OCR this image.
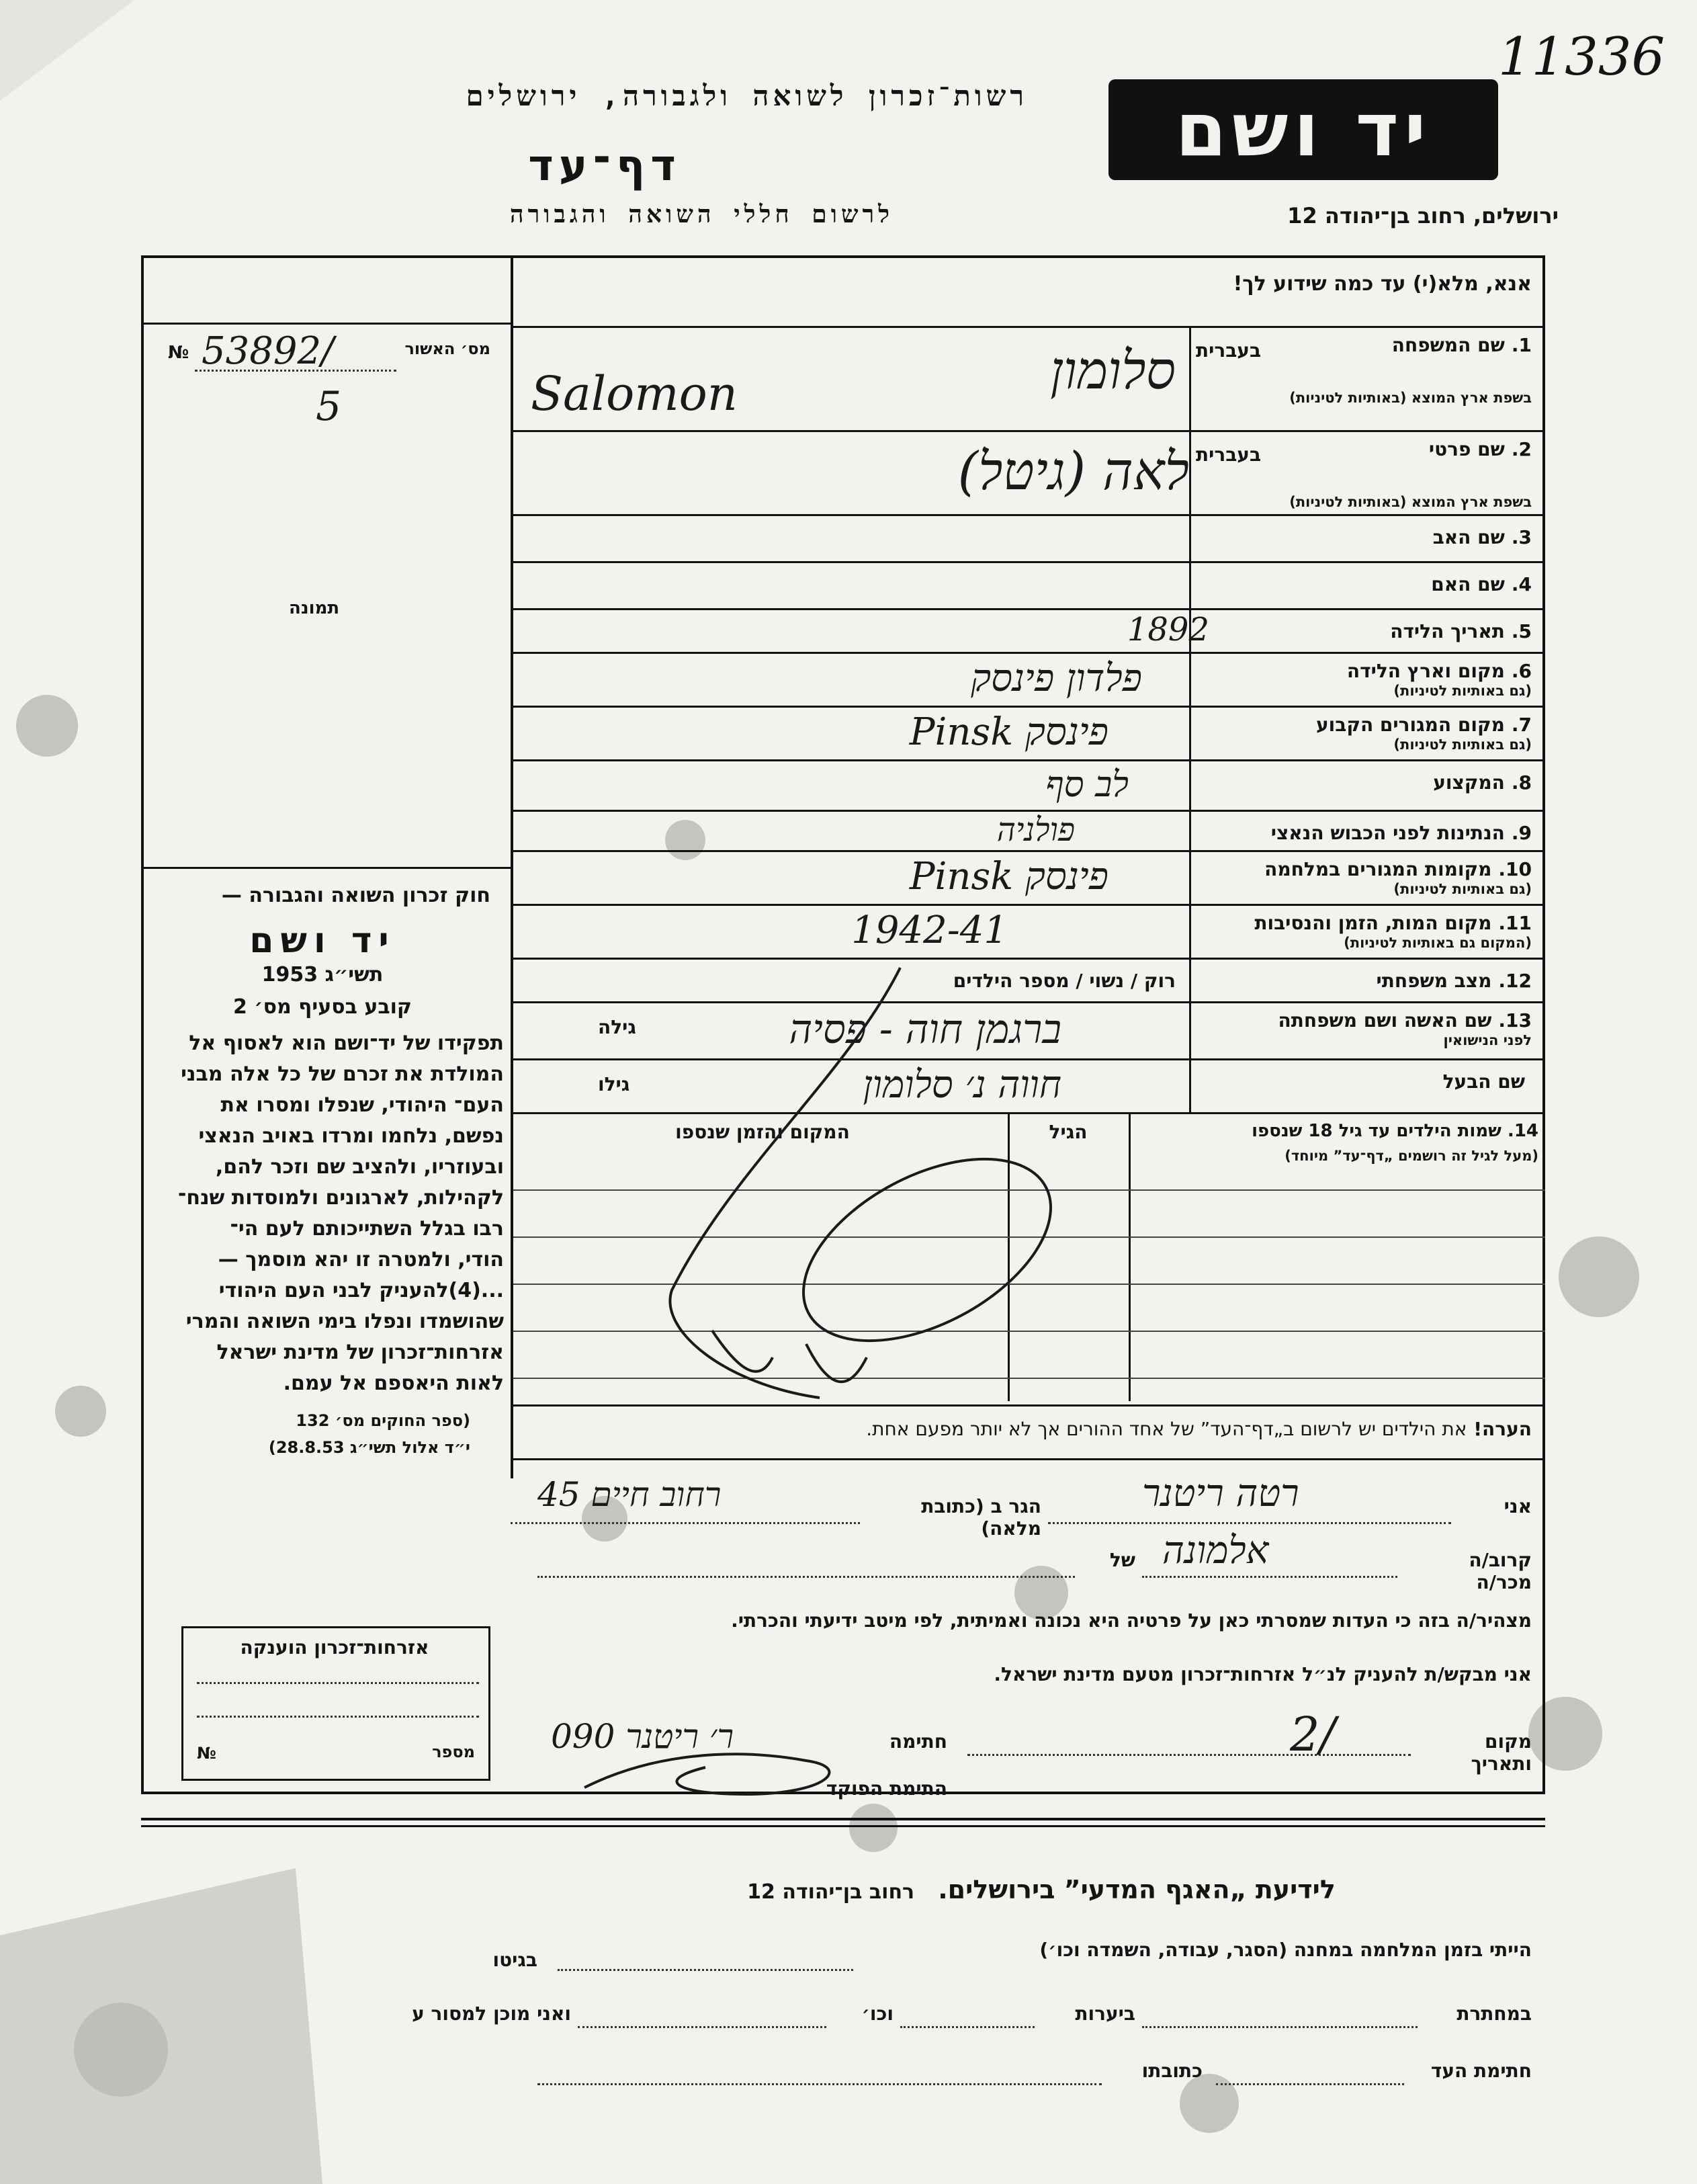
11336
רשות־זכרון לשואה ולגבורה, ירושלים
דף־עד
לרשום חללי השואה והגבורה
יד ושם
ירושלים, רחוב בן־יהודה 12
אנא, מלא(י) עד כמה שידוע לך!
מס׳ האשור
№ 53892/
5
תמונה
חוק זכרון השואה והגבורה —
יד ושם
תשי״ג 1953
קובע בסעיף מס׳ 2
תפקידו של יד־ושם הוא לאסוף אל
המולדת את זכרם של כל אלה מבני
העם־ היהודי, שנפלו ומסרו את
נפשם, נלחמו ומרדו באויב הנאצי
ובעוזריו, ולהציב שם וזכר להם,
לקהילות, לארגונים ולמוסדות שנח־
רבו בגלל השתייכותם לעם הי־
הודי, ולמטרה זו יהא מוסמך —
...(4)להעניק לבני העם היהודי
שהושמדו ונפלו בימי השואה והמרי
אזרחות־זכרון של מדינת ישראל
לאות היאספם אל עמם.
(ספר החוקים מס׳ 132
י״ד אלול תשי״ג 28.8.53)
1.שם המשפחה
בעברית
בשפת ארץ המוצא (באותיות לטיניות)
סלומון
Salomon
2.שם פרטי
בעברית
בשפת ארץ המוצא (באותיות לטיניות)
לאה (גיטל)
3.שם האב
4.שם האם
5.תאריך הלידה
1892
6.מקום וארץ הלידה
(גם באותיות לטיניות)
פלדון פינסק
7.מקום המגורים הקבוע
(גם באותיות לטיניות)
פינסק Pinsk
8.המקצוע
לב סף
9.הנתינות לפני הכבוש הנאצי
פולניה
10.מקומות המגורים במלחמה
(גם באותיות לטיניות)
פינסק Pinsk
11.מקום המות, הזמן והנסיבות
(המקום גם באותיות לטיניות)
1942-41
12.מצב משפחתי
רוק / נשוי / מספר הילדים
13.שם האשה ושם משפחתה
לפני הנישואין
גילה	ברגמן חוה - פסיה
שם הבעל
גילו	חווה נ׳ סלומון
14. שמות הילדים עד גיל 18 שנספו
(מעל לגיל זה רושמים „דף־עד” מיוחד)
הגיל
המקום והזמן שנספו
הערה! את הילדים יש לרשום ב„דף־העד” של אחד ההורים אך לא יותר מפעם אחת.
אני
רטה ריטנר
הגר ב (כתובת מלאה)
רחוב חיים 45
קרוב/ה מכר/ה
אלמונה
של
מצהיר/ה בזה כי העדות שמסרתי כאן על פרטיה היא נכונה ואמיתית, לפי מיטב ידיעתי והכרתי.
אני מבקש/ת להעניק לנ״ל אזרחות־זכרון מטעם מדינת ישראל.
מקום ותאריך
2/
חתימה
ר׳ ריטנר 090
התימת הפוקד
אזרחות־זכרון הוענקה
מספר
№
לידיעת „האגף המדעי” בירושלים. רחוב בן־יהודה 12
הייתי בזמן המלחמה במחנה (הסגר, עבודה, השמדה וכו׳)
בגיטו
במחתרת
ביערות
וכו׳
ואני מוכן למסור ע
חתימת העד
כתובתו
